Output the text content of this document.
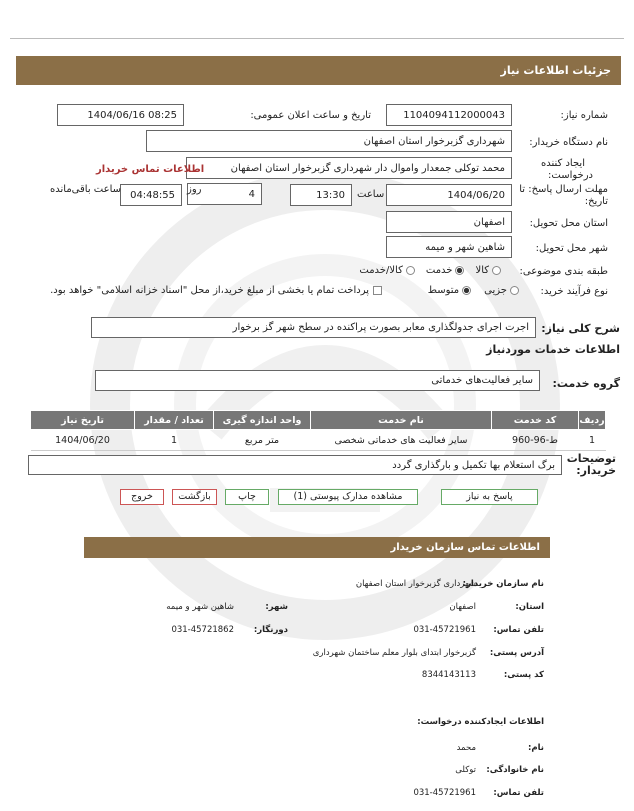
جزئیات اطلاعات نیاز
شماره نیاز:
1104094112000043
تاریخ و ساعت اعلان عمومی:
1404/06/16 08:25
نام دستگاه خریدار:
شهرداری گزبرخوار استان اصفهان
ایجاد کننده
درخواست:
محمد توکلی جمعدار واموال دار شهرداری گزبرخوار استان اصفهان
اطلاعات تماس خریدار
مهلت ارسال پاسخ: تا
تاریخ:
1404/06/20
ساعت
13:30
4
روز
04:48:55
ساعت باقی‌مانده
استان محل تحویل:
اصفهان
شهر محل تحویل:
شاهین شهر و میمه
طبقه بندی موضوعی:
کالا
خدمت
کالا/خدمت
نوع فرآیند خرید:
جزیی
متوسط
پرداخت تمام یا بخشی از مبلغ خرید،از محل "اسناد خزانه اسلامی" خواهد بود.
شرح کلی نیاز:
اجرت اجرای جدولگذاری معابر بصورت پراکنده در سطح شهر گز برخوار
اطلاعات خدمات موردنیاز
گروه خدمت:
سایر فعالیت‌های خدماتی
ردیف	کد خدمت	نام خدمت	واحد اندازه گیری	تعداد / مقدار	تاریخ نیاز
1	ط-96-960	سایر فعالیت های خدماتی شخصی	متر مربع	1	1404/06/20
توضیحات
خریدار:
برگ استعلام بها تکمیل و بارگذاری گردد
پاسخ به نیاز
مشاهده مدارک پیوستی (1)
چاپ
بازگشت
خروج
اطلاعات تماس سازمان خریدار
نام سازمان خریدار:
شهرداری گزبرخوار استان اصفهان
استان:
اصفهان
شهر:
شاهین شهر و میمه
تلفن تماس:
031-45721961
دورنگار:
031-45721862
آدرس پستی:
گزبرخوار ابتدای بلوار معلم ساختمان شهرداری
کد پستی:
8344143113
اطلاعات ایجادکننده درخواست:
نام:
محمد
نام خانوادگی:
توکلی
تلفن تماس:
031-45721961
